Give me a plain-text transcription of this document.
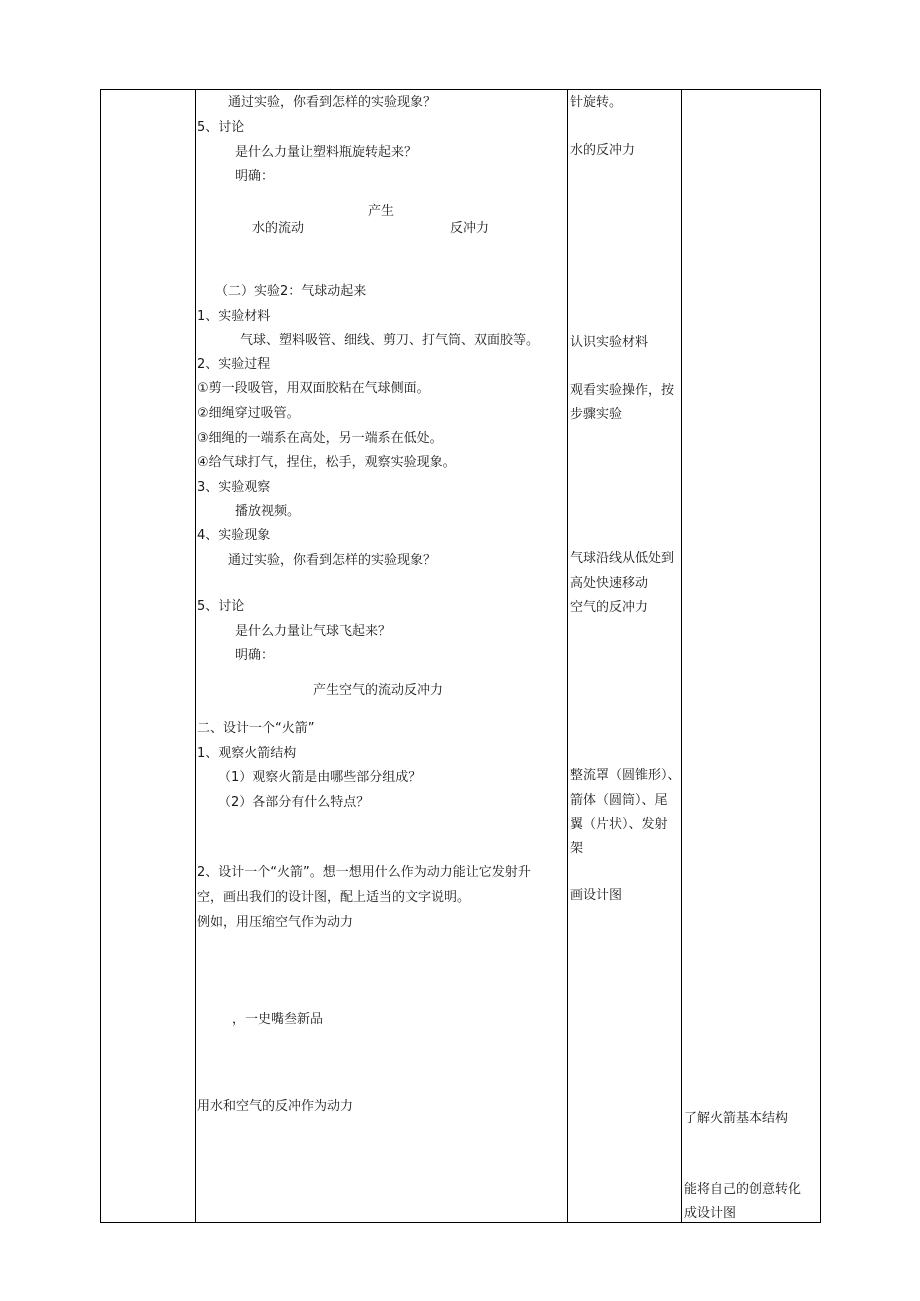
通过实验，你看到怎样的实验现象？
5、讨论
是什么力量让塑料瓶旋转起来？
明确：
产生
水的流动	反冲力
（二）实验2：气球动起来
1、实验材料
气球、塑料吸管、细线、剪刀、打气筒、双面胶等。
2、实验过程
①剪一段吸管，用双面胶粘在气球侧面。
②细绳穿过吸管。
③细绳的一端系在高处，另一端系在低处。
④给气球打气，捏住，松手，观察实验现象。
3、实验观察
播放视频。
4、实验现象
通过实验，你看到怎样的实验现象？
5、讨论
是什么力量让气球飞起来？
明确：
产生空气的流动反冲力
二、设计一个“火箭”
1、观察火箭结构
（1）观察火箭是由哪些部分组成？
（2）各部分有什么特点？
2、设计一个“火箭”。想一想用什么作为动力能让它发射升
空，画出我们的设计图，配上适当的文字说明。
例如，用压缩空气作为动力
，一史嘴叁新品
用水和空气的反冲作为动力
针旋转。
水的反冲力
认识实验材料
观看实验操作，按
步骤实验
气球沿线从低处到
高处快速移动
空气的反冲力
整流罩（圆锥形）、
箭体（圆筒）、尾
翼（片状）、发射
架
画设计图
了解火箭基本结构
能将自己的创意转化
成设计图
